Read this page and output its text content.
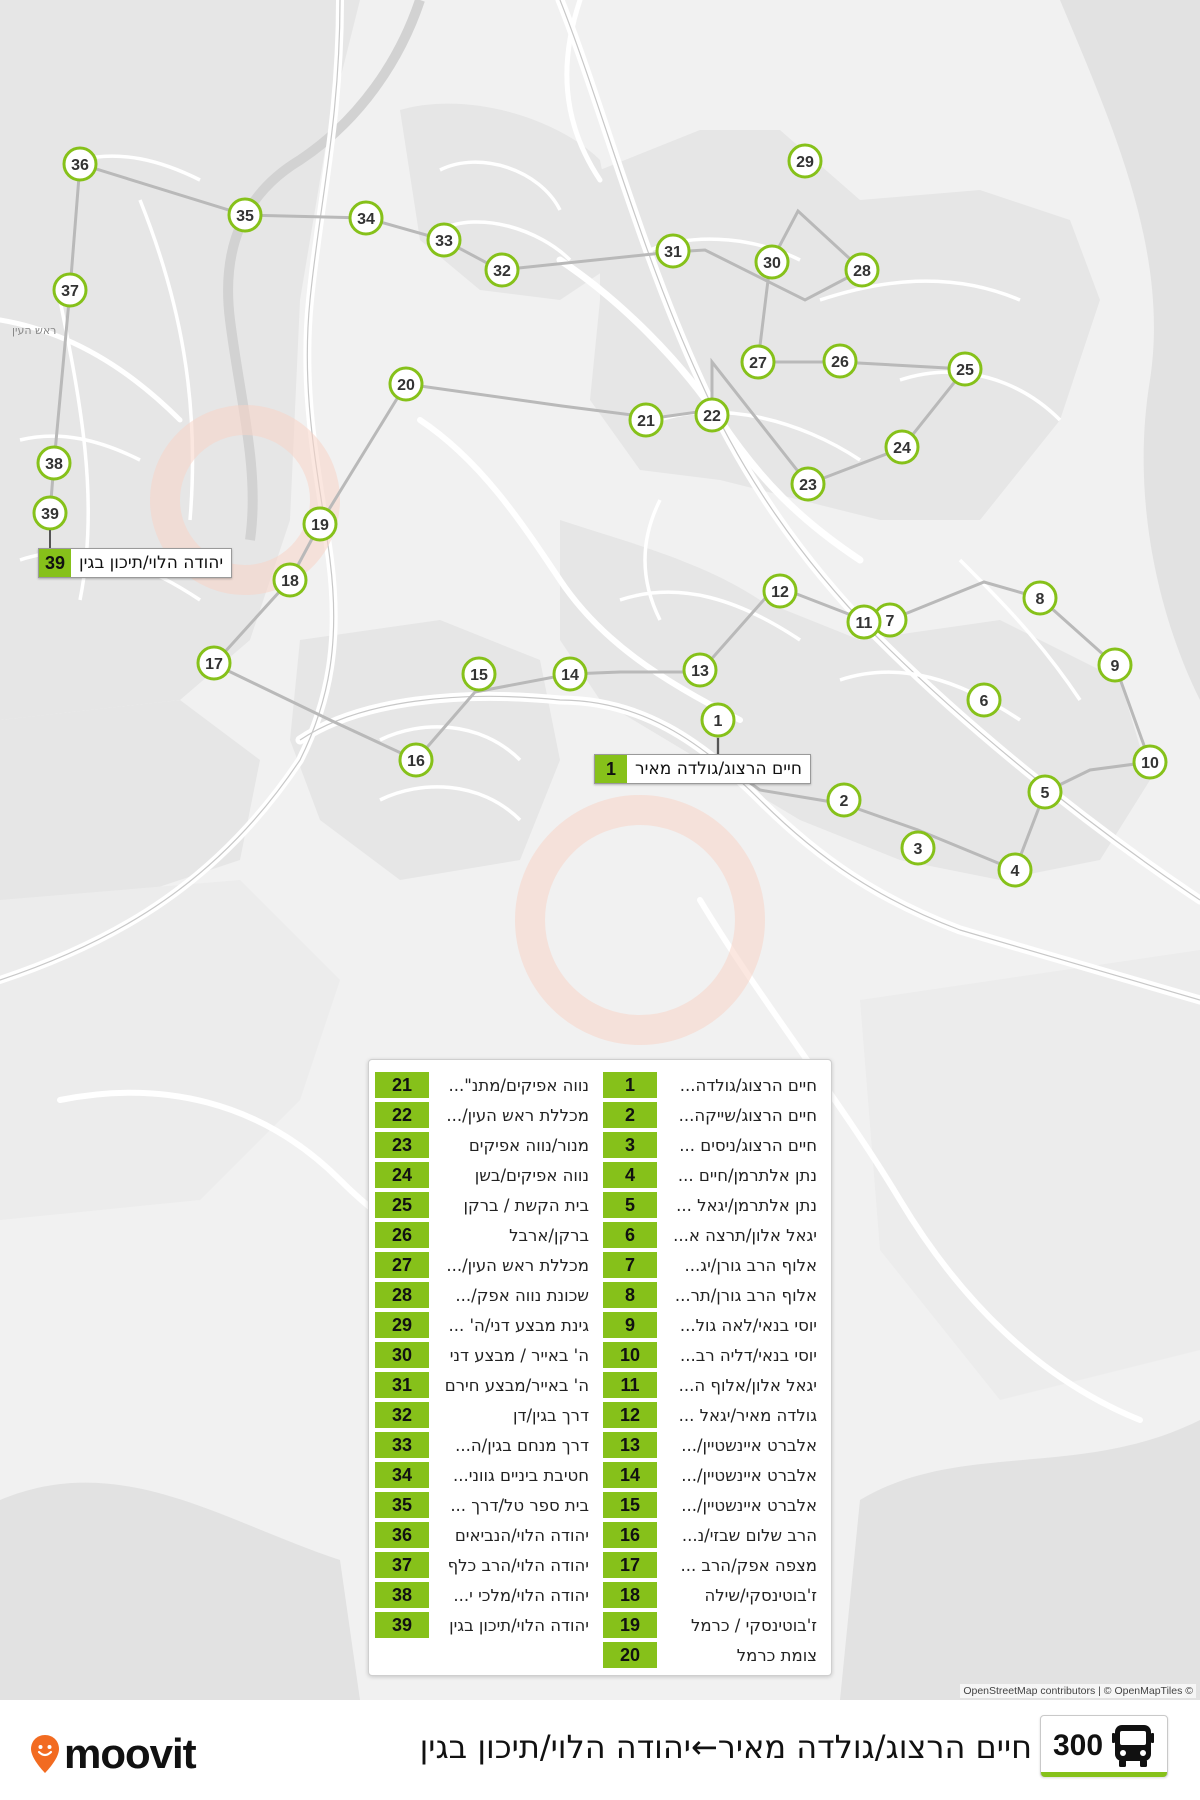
ראש העין
1
2
3
4
5
6
7
8
9
10
11
12
13
14
15
16
17
18
19
20
21	22
23
24
25
26
27
28
29
30
31
32
33
34
35
36
37
38
39
1	חיים הרצוג/גולדה מאיר
39 יהודה הלוי/תיכון בגין
1	חיים הרצוג/גולדה...
2	חיים הרצוג/שייקה...
3	חיים הרצוג/ניסים ...
4	נתן אלתרמן/חיים ...
5	נתן אלתרמן/יגאל ...
6	יגאל אלון/תרצה א...
7	אלוף הרב גורן/יג...
8	אלוף הרב גורן/תר...
9	יוסי בנאי/לאה גול...
10	יוסי בנאי/דליה רב...
11	יגאל אלון/אלוף ה...
12	גולדה מאיר/יגאל ...
13	אלברט איינשטיין/...
14	אלברט איינשטיין/...
15	אלברט איינשטיין/...
16	הרב שלום שבזי/נ...
17	מצפה אפק/הרב ...
18	ז'בוטינסקי/שילה
19	ז'בוטינסקי / כרמל
20	צומת כרמל
21	נווה אפיקים/מתנ"...
22	מכללת ראש העין/...
23	מנור/נווה אפיקים
24	נווה אפיקים/בשן
25	בית הקשת / ברקן
26	ברקן/ארבל
27	מכללת ראש העין/...
28	שכונת נווה אפק/...
29	גינת מבצע דני/ה' ...
30	ה' באייר / מבצע דני
31	ה' באייר/מבצע חירם
32	דרך בגין/דן
33	דרך מנחם בגין/ה...
34	חטיבת ביניים גווני...
35	בית ספר טל/דרך ...
36	יהודה הלוי/הנביאים
37	יהודה הלוי/הרב כלף
38	יהודה הלוי/מלכי י...
39	יהודה הלוי/תיכון בגין
OpenStreetMap contributors | © OpenMapTiles ©
300
חיים הרצוג/גולדה מאיר←יהודה הלוי/תיכון בגין
moovit
